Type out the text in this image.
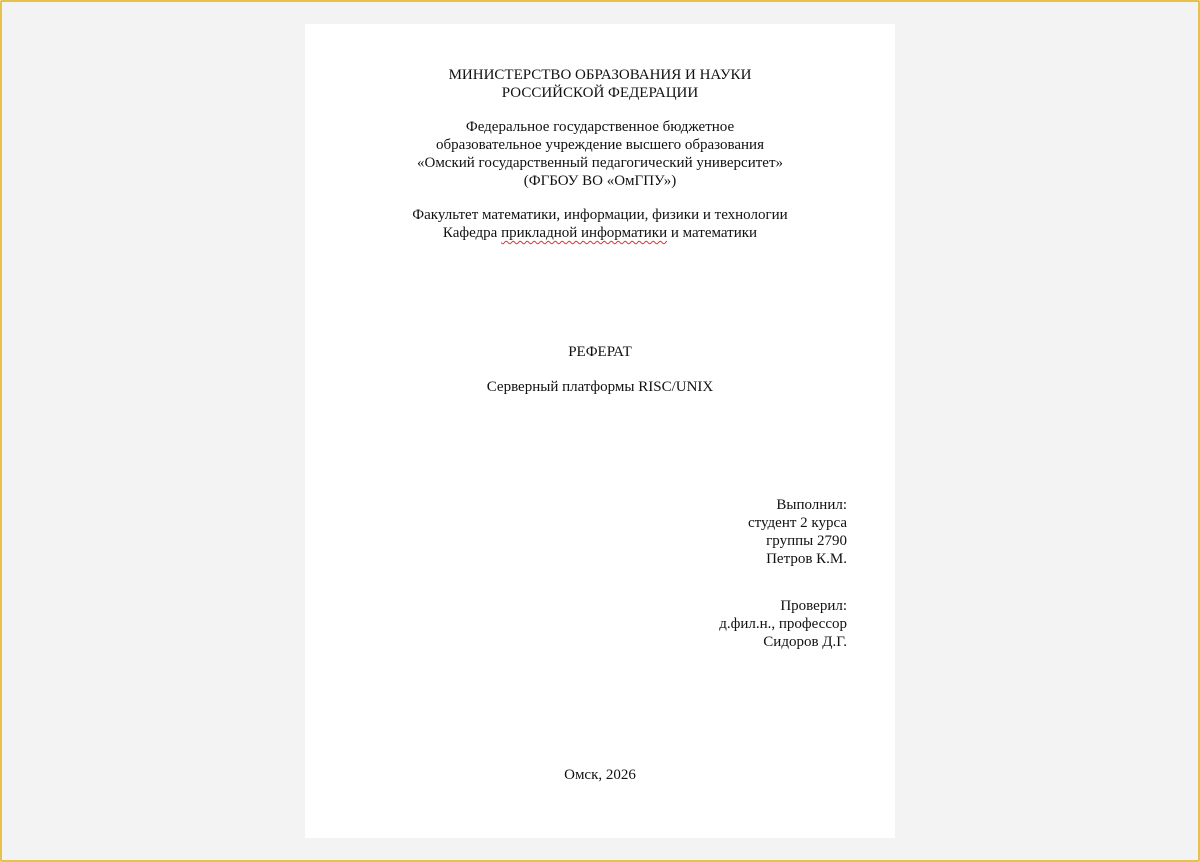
МИНИСТЕРСТВО ОБРАЗОВАНИЯ И НАУКИ
РОССИЙСКОЙ ФЕДЕРАЦИИ
Федеральное государственное бюджетное
образовательное учреждение высшего образования
«Омский государственный педагогический университет»
(ФГБОУ ВО «ОмГПУ»)
Факультет математики, информации, физики и технологии
Кафедра прикладной информатики и математики
РЕФЕРАТ
Серверный платформы RISC/UNIX
Выполнил:
студент 2 курса
группы 2790
Петров К.М.
Проверил:
д.фил.н., профессор
Сидоров Д.Г.
Омск, 2026
